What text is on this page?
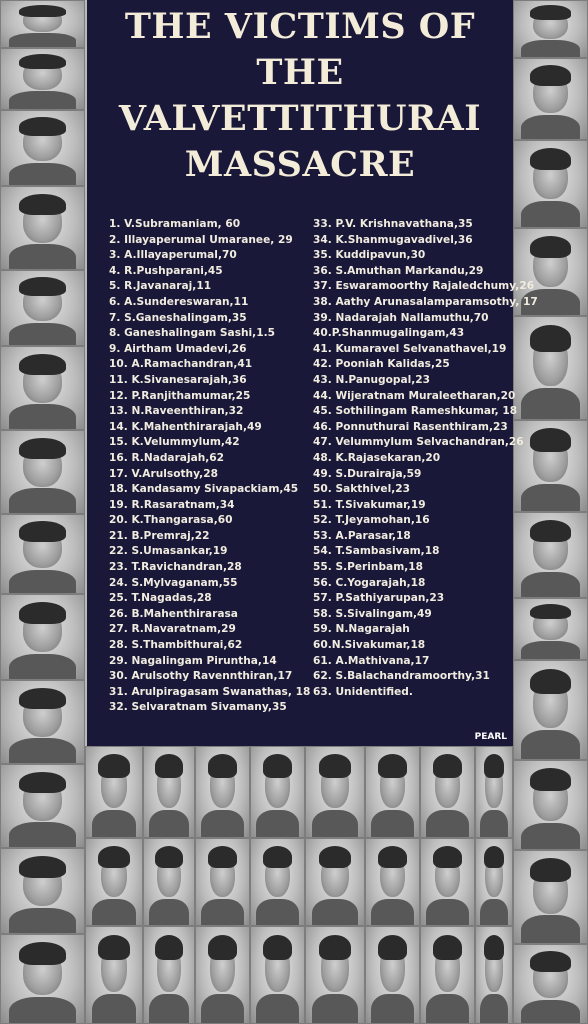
THE VICTIMS OF
THE
VALVETTITHURAI
MASSACRE
1. V.Subramaniam, 60
2. Illayaperumal Umaranee, 29
3. A.Illayaperumal,70
4. R.Pushparani,45
5. R.Javanaraj,11
6. A.Sundereswaran,11
7. S.Ganeshalingam,35
8. Ganeshalingam Sashi,1.5
9. Airtham Umadevi,26
10. A.Ramachandran,41
11. K.Sivanesarajah,36
12. P.Ranjithamumar,25
13. N.Raveenthiran,32
14. K.Mahenthirarajah,49
15. K.Velummylum,42
16. R.Nadarajah,62
17. V.Arulsothy,28
18. Kandasamy Sivapackiam,45
19. R.Rasaratnam,34
20. K.Thangarasa,60
21. B.Premraj,22
22. S.Umasankar,19
23. T.Ravichandran,28
24. S.Mylvaganam,55
25. T.Nagadas,28
26. B.Mahenthirarasa
27. R.Navaratnam,29
28. S.Thambithurai,62
29. Nagalingam Piruntha,14
30. Arulsothy Ravennthiran,17
31. Arulpiragasam Swanathas, 18
32. Selvaratnam Sivamany,35
33. P.V. Krishnavathana,35
34. K.Shanmugavadivel,36
35. Kuddipavun,30
36. S.Amuthan Markandu,29
37. Eswaramoorthy Rajaledchumy,26
38. Aathy Arunasalamparamsothy, 17
39. Nadarajah Nallamuthu,70
40.P.Shanmugalingam,43
41. Kumaravel Selvanathavel,19
42. Pooniah Kalidas,25
43. N.Panugopal,23
44. Wijeratnam Muraleetharan,20
45. Sothilingam Rameshkumar, 18
46. Ponnuthurai Rasenthiram,23
47. Velummylum Selvachandran,26
48. K.Rajasekaran,20
49. S.Durairaja,59
50. Sakthivel,23
51. T.Sivakumar,19
52. T.Jeyamohan,16
53. A.Parasar,18
54. T.Sambasivam,18
55. S.Perinbam,18
56. C.Yogarajah,18
57. P.Sathiyarupan,23
58. S.Sivalingam,49
59. N.Nagarajah
60.N.Sivakumar,18
61. A.Mathivana,17
62. S.Balachandramoorthy,31
63. Unidentified.
PEARL
